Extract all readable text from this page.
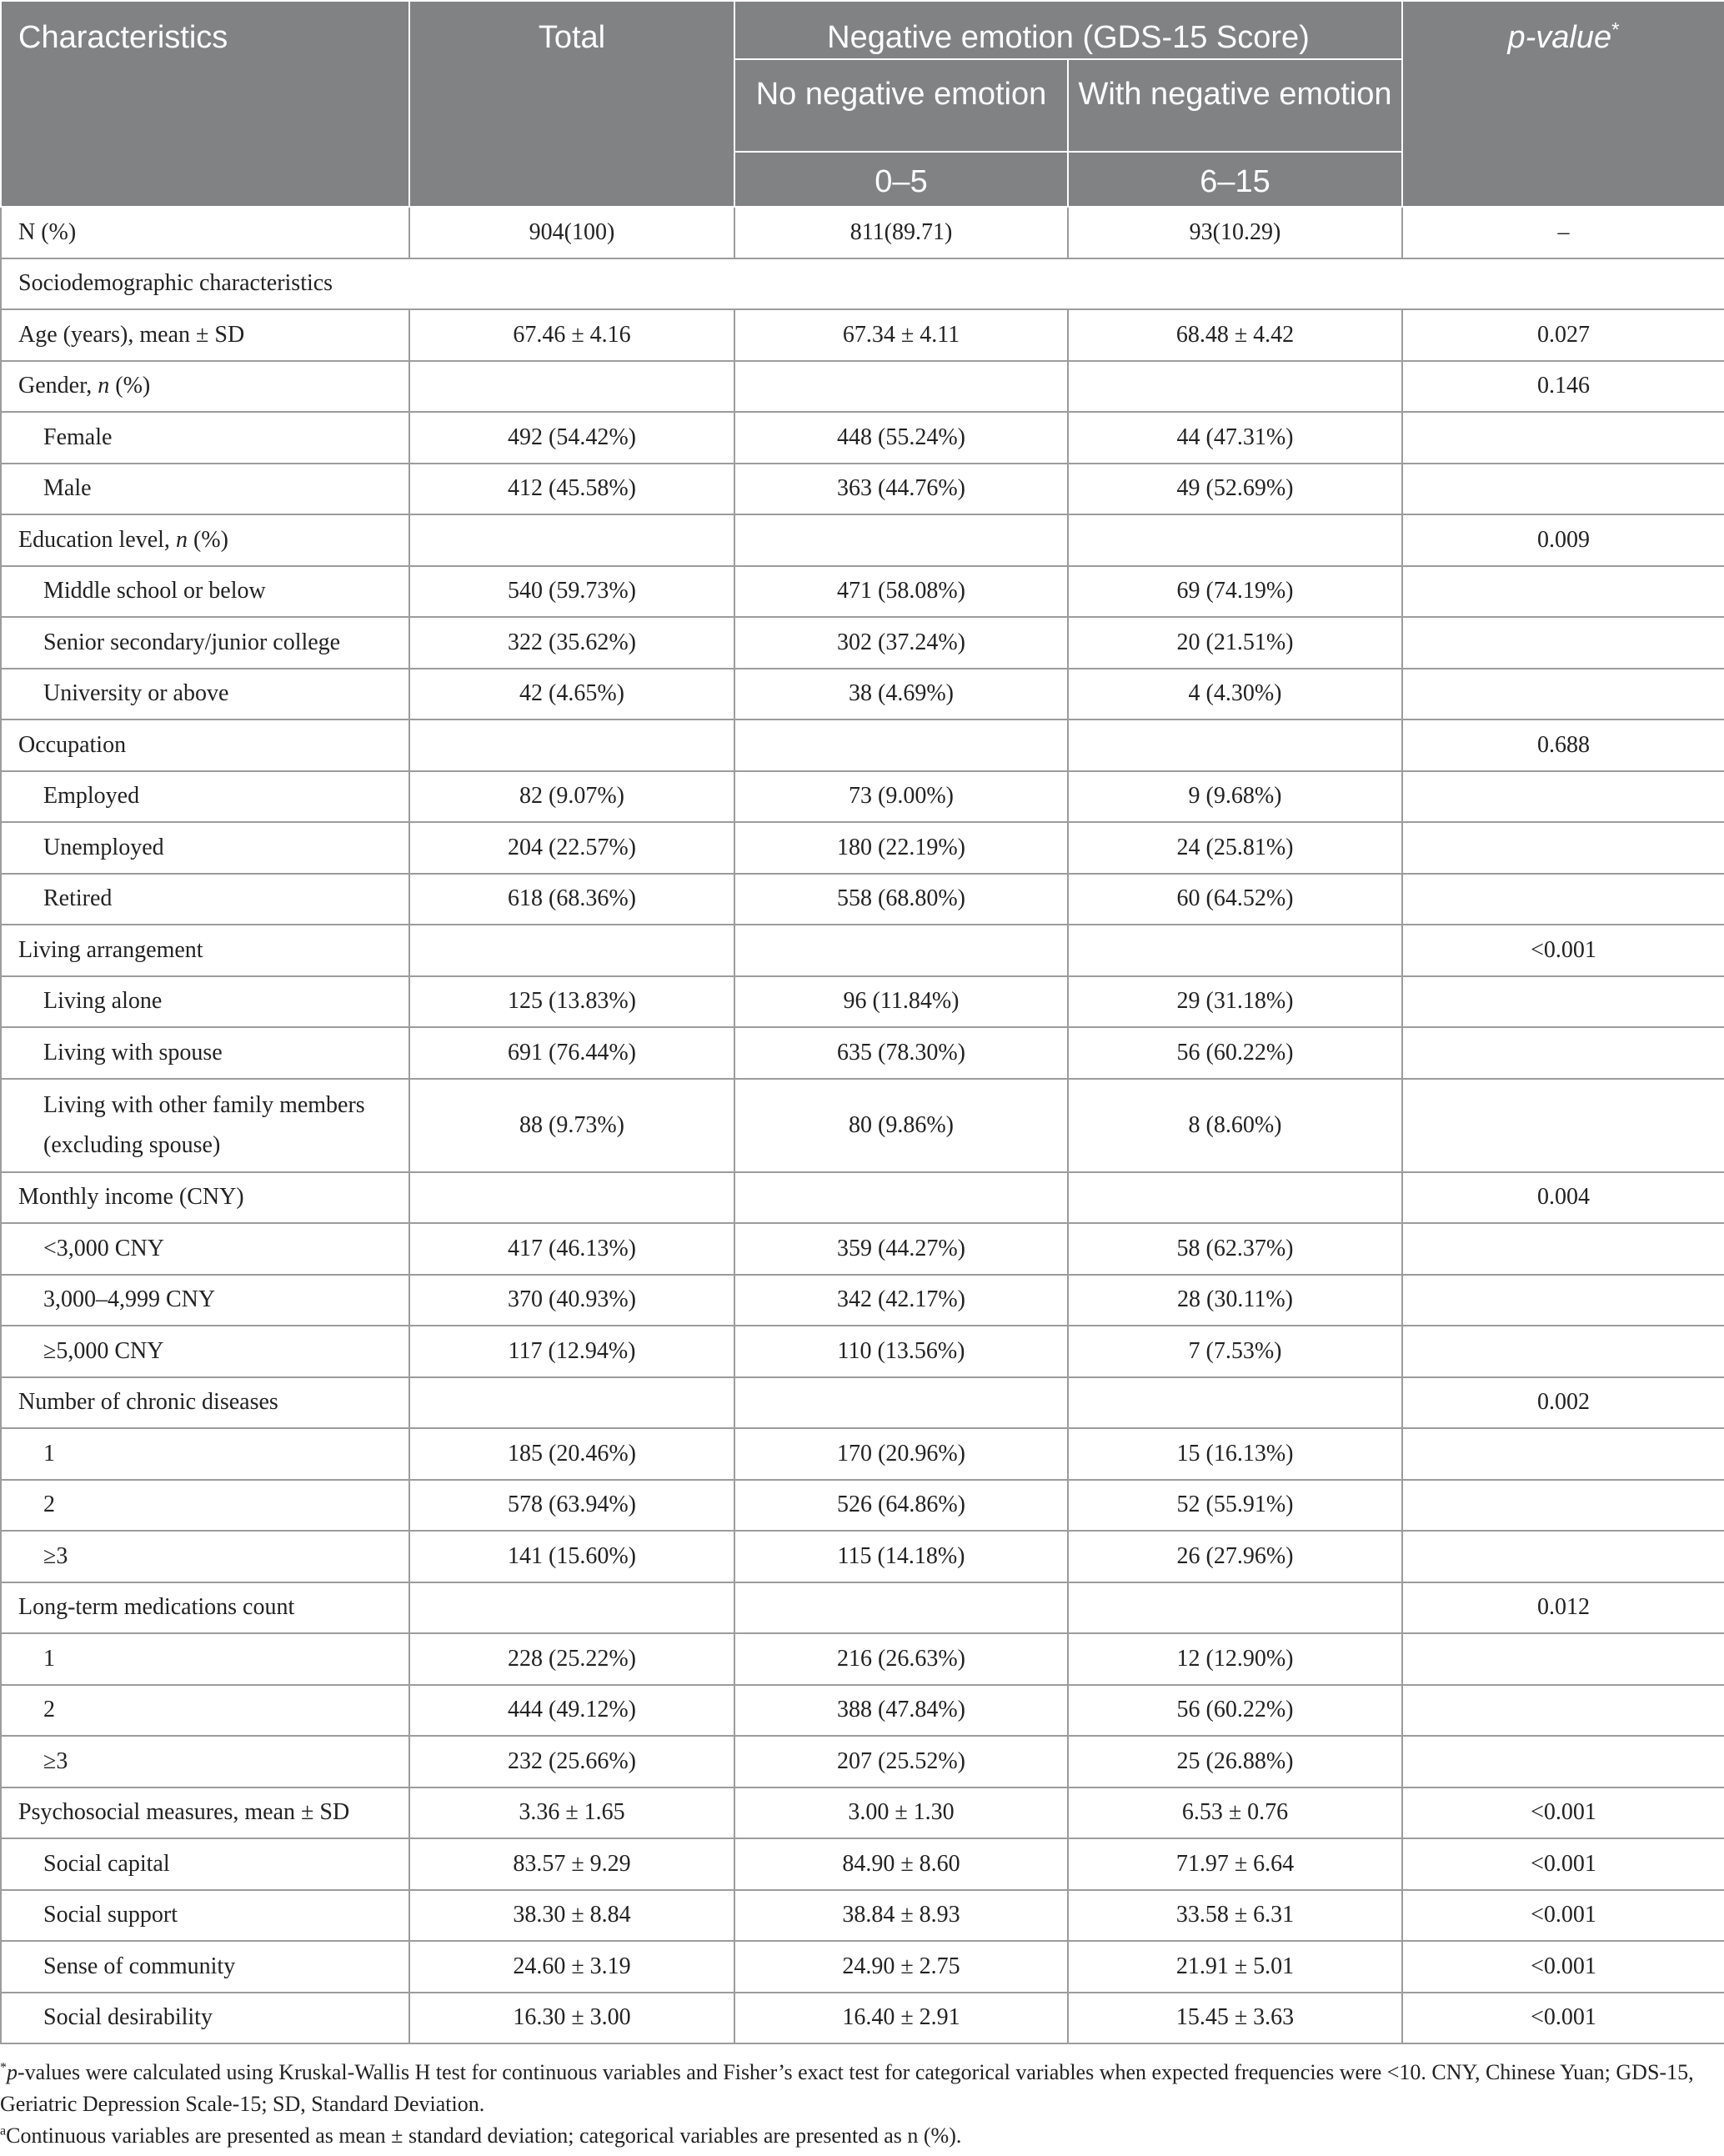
Characteristics	Total	Negative emotion (GDS-15 Score)		p-value*
		No negative emotion	With negative emotion	
		0–5	6–15	
N (%)	904(100)	811(89.71)	93(10.29)	–
Sociodemographic characteristics				
Age (years), mean ± SD	67.46 ± 4.16	67.34 ± 4.11	68.48 ± 4.42	0.027
Gender, n (%)				0.146
Female	492 (54.42%)	448 (55.24%)	44 (47.31%)	
Male	412 (45.58%)	363 (44.76%)	49 (52.69%)	
Education level, n (%)				0.009
Middle school or below	540 (59.73%)	471 (58.08%)	69 (74.19%)	
Senior secondary/junior college	322 (35.62%)	302 (37.24%)	20 (21.51%)	
University or above	42 (4.65%)	38 (4.69%)	4 (4.30%)	
Occupation				0.688
Employed	82 (9.07%)	73 (9.00%)	9 (9.68%)	
Unemployed	204 (22.57%)	180 (22.19%)	24 (25.81%)	
Retired	618 (68.36%)	558 (68.80%)	60 (64.52%)	
Living arrangement				<0.001
Living alone	125 (13.83%)	96 (11.84%)	29 (31.18%)	
Living with spouse	691 (76.44%)	635 (78.30%)	56 (60.22%)	
Living with other family members (excluding spouse)	88 (9.73%)	80 (9.86%)	8 (8.60%)	
Monthly income (CNY)				0.004
<3,000 CNY	417 (46.13%)	359 (44.27%)	58 (62.37%)	
3,000–4,999 CNY	370 (40.93%)	342 (42.17%)	28 (30.11%)	
≥5,000 CNY	117 (12.94%)	110 (13.56%)	7 (7.53%)	
Number of chronic diseases				0.002
1	185 (20.46%)	170 (20.96%)	15 (16.13%)	
2	578 (63.94%)	526 (64.86%)	52 (55.91%)	
≥3	141 (15.60%)	115 (14.18%)	26 (27.96%)	
Long-term medications count				0.012
1	228 (25.22%)	216 (26.63%)	12 (12.90%)	
2	444 (49.12%)	388 (47.84%)	56 (60.22%)	
≥3	232 (25.66%)	207 (25.52%)	25 (26.88%)	
Psychosocial measures, mean ± SD	3.36 ± 1.65	3.00 ± 1.30	6.53 ± 0.76	<0.001
Social capital	83.57 ± 9.29	84.90 ± 8.60	71.97 ± 6.64	<0.001
Social support	38.30 ± 8.84	38.84 ± 8.93	33.58 ± 6.31	<0.001
Sense of community	24.60 ± 3.19	24.90 ± 2.75	21.91 ± 5.01	<0.001
Social desirability	16.30 ± 3.00	16.40 ± 2.91	15.45 ± 3.63	<0.001

*p-values were calculated using Kruskal-Wallis H test for continuous variables and Fisher’s exact test for categorical variables when expected frequencies were <10. CNY, Chinese Yuan; GDS-15, Geriatric Depression Scale-15; SD, Standard Deviation.

$^a$Continuous variables are presented as mean ± standard deviation; categorical variables are presented as n (%).
